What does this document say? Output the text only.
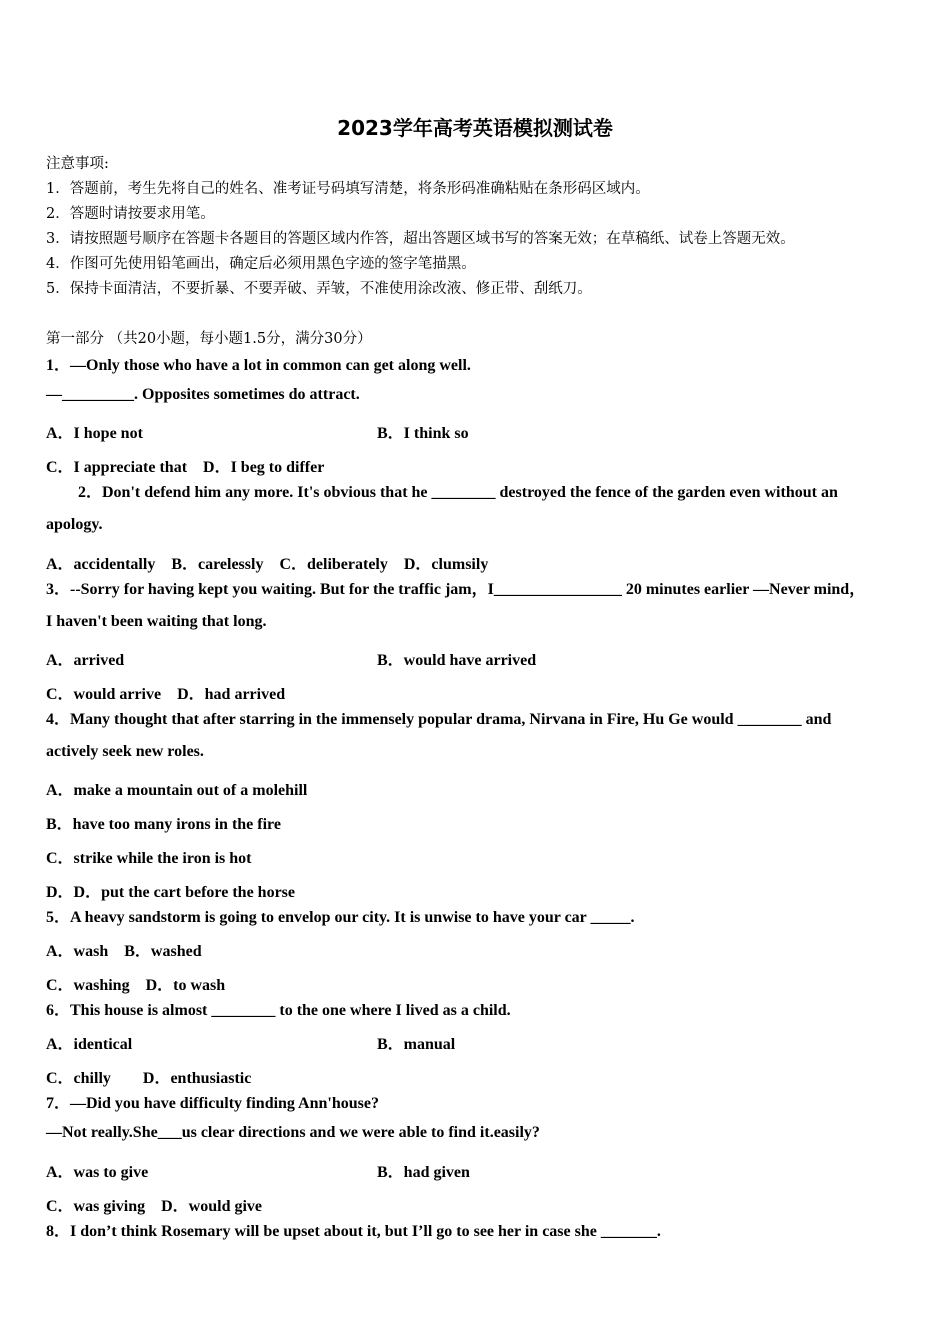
2023学年高考英语模拟测试卷
注意事项:
1．答题前，考生先将自己的姓名、准考证号码填写清楚，将条形码准确粘贴在条形码区域内。
2．答题时请按要求用笔。
3．请按照题号顺序在答题卡各题目的答题区域内作答，超出答题区域书写的答案无效；在草稿纸、试卷上答题无效。
4．作图可先使用铅笔画出，确定后必须用黑色字迹的签字笔描黑。
5．保持卡面清洁，不要折暴、不要弄破、弄皱，不准使用涂改液、修正带、刮纸刀。
第一部分 （共20小题，每小题1.5分，满分30分）
1．—Only those who have a lot in common can get along well.
—_________. Opposites sometimes do attract.
A．I hope not	B．I think so
C．I appreciate that　D．I beg to differ
2．Don't defend him any more. It's obvious that he ________ destroyed the fence of the garden even without an
apology.
A．accidentally　B．carelessly　C．deliberately　D．clumsily
3．--Sorry for having kept you waiting. But for the traffic jam，I________________ 20 minutes earlier —Never mind，
I haven't been waiting that long.
A．arrived	B．would have arrived
C．would arrive　D．had arrived
4．Many thought that after starring in the immensely popular drama, Nirvana in Fire, Hu Ge would ________ and
actively seek new roles.
A．make a mountain out of a molehill
B．have too many irons in the fire
C．strike while the iron is hot
D．D．put the cart before the horse
5．A heavy sandstorm is going to envelop our city. It is unwise to have your car _____.
A．wash　B．washed
C．washing　D．to wash
6．This house is almost ________ to the one where I lived as a child.
A．identical	B．manual
C．chilly　　D．enthusiastic
7．—Did you have difficulty finding Ann'house?
—Not really.She___us clear directions and we were able to find it.easily?
A．was to give	B．had given
C．was giving　D．would give
8．I don’t think Rosemary will be upset about it, but I’ll go to see her in case she _______.
